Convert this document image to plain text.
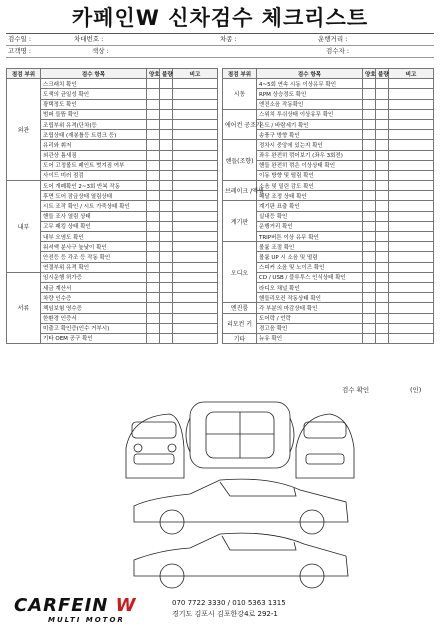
카페인W 신차검수 체크리스트
검수일 :	차대번호 :	차종 :	운행거리 :
고객명 :	색상 :	검수자 :
점검 부위	검수 항목	양호	불량	비고
외관	스크래치 확인			
	도색의 균일성 확인			
	광택정도 확인			
	범퍼 들뜸 확인			
	조립부위 유격(단차)등			
	조립상태 (재봉틀등 트렁크 등)			
	유리와 휘저			
	외관상 틈새짐			
	도어 고정볼트 페인트 벗겨짐 여부			
	사이드 미러 점검			
내부	도어 개폐확인 2~3회 반복 작동			
	후면 도어 잠금상태 열림상태			
	시트 조작 확인 / 시트 가죽상태 확인			
	핸들 조사 열림 상태			
	고무 패킹 상태 확인			
	내부 오염도 확인			
	워셔액 분사구 높낮이 확인			
	안전등 등 각조 등 작동 확인			
	연결부위 유격 확인			
서류	임시운행 허가증			
	세금 계산서			
	차량 인수증			
	책임보험 영수증			
	한환경 인증서			
	미출고 확인증(인수 거부시)			
	기타 OEM 공구 확인			
점검 부위	검수 항목	양호	불량	비고
시동	4~5회 연속 시동 이상유무 확인			
	RPM 상승정도 확인			
	엔진소음 작동확인			
에어컨 공조기	스위치 투쉬상태 이상유무 확인			
	온도 / 바람세기 확인			
	송풍구 방향 확인			
핸들(조향)	정차시 중앙에 있는지 확인			
	좌우 완전히 꺾어보기 (좌우 3회전)			
	핸들 완전히 꺾은 이상상태 확인			
	이동 방향 및 떨림 확인			
브레이크 /엑셀	소음 및 밀린 감도 확인			
	페달 조정 상태 확인			
계기판	계기판 표출 확인			
	실내등 확인			
	운행거리 확인			
	TRIP버튼 이상 유무 확인			
오디오	볼륨 조절 확인			
	볼륨 UP 시 소음 및 떨림			
	스피커 소음 및 노이즈 확인			
	CD / USB / 블루투스 인식상태 확인			
	라디오 채널 확인			
	핸들리모컨 작동상태 확인			
엔진룸	각 부분의 마감상태 확인			
리모컨 키	도어락 / 언락			
	경고음 확인			
기타	뉴유 확인			
검수 확인	(인)
CARFEIN W
MULTI MOTOR
070 7722 3330 / 010 5363 1315
경기도 김포시 김포한강4로 292-1
